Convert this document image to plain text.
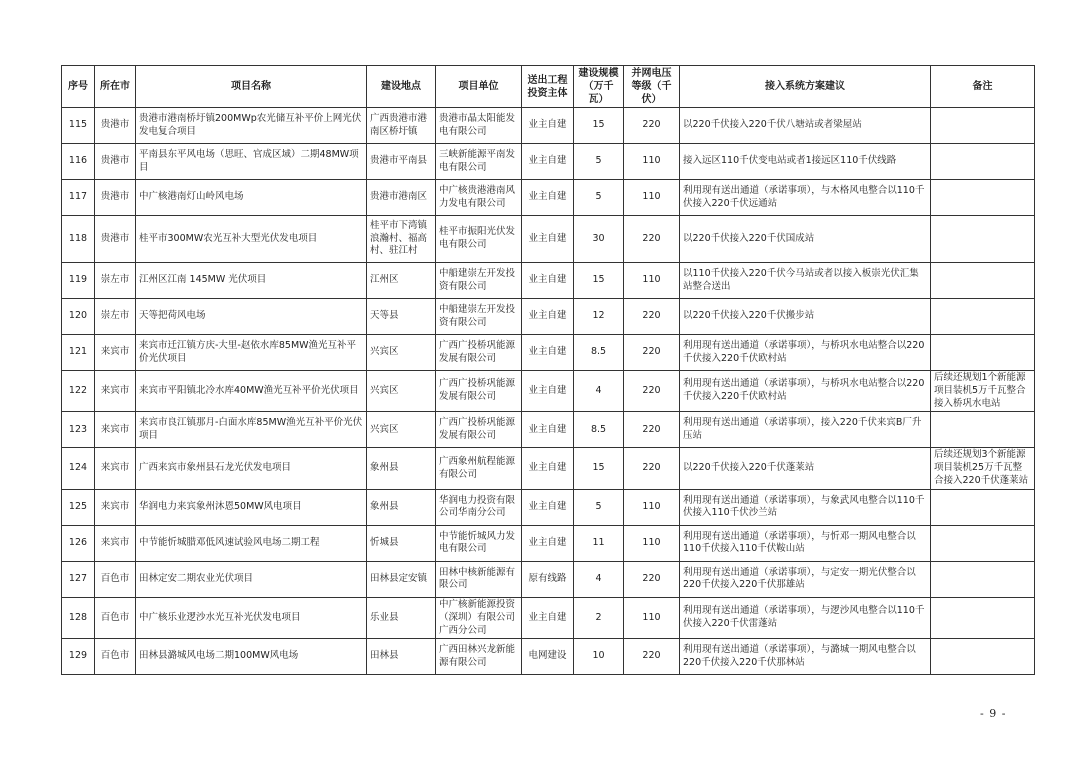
序号	所在市	项目名称	建设地点	项目单位	送出工程投资主体	建设规模（万千瓦）	并网电压等级（千伏）	接入系统方案建议	备注
115	贵港市	贵港市港南桥圩镇200MWp农光储互补平价上网光伏发电复合项目	广西贵港市港南区桥圩镇	贵港市晶太阳能发电有限公司	业主自建	15	220	以220千伏接入220千伏八塘站或者梁屋站	
116	贵港市	平南县东平风电场（思旺、官成区域）二期48MW项目	贵港市平南县	三峡新能源平南发电有限公司	业主自建	5	110	接入远区110千伏变电站或者1接远区110千伏线路	
117	贵港市	中广核港南灯山岭风电场	贵港市港南区	中广核贵港港南风力发电有限公司	业主自建	5	110	利用现有送出通道（承诺事项），与木格风电整合以110千伏接入220千伏远通站	
118	贵港市	桂平市300MW农光互补大型光伏发电项目	桂平市下湾镇浪瀚村、福高村、驻江村	桂平市振阳光伏发电有限公司	业主自建	30	220	以220千伏接入220千伏国成站	
119	崇左市	江州区江南 145MW 光伏项目	江州区	中船建崇左开发投资有限公司	业主自建	15	110	以110千伏接入220千伏今马站或者以接入板崇光伏汇集站整合送出	
120	崇左市	天等把荷风电场	天等县	中船建崇左开发投资有限公司	业主自建	12	220	以220千伏接入220千伏搬步站	
121	来宾市	来宾市迁江镇方庆-大里-赵依水库85MW渔光互补平价光伏项目	兴宾区	广西广投桥巩能源发展有限公司	业主自建	8.5	220	利用现有送出通道（承诺事项），与桥巩水电站整合以220千伏接入220千伏欧村站	
122	来宾市	来宾市平阳镇北冷水库40MW渔光互补平价光伏项目	兴宾区	广西广投桥巩能源发展有限公司	业主自建	4	220	利用现有送出通道（承诺事项），与桥巩水电站整合以220千伏接入220千伏欧村站	后续还规划1个新能源项目装机5万千瓦整合接入桥巩水电站
123	来宾市	来宾市良江镇那月-白面水库85MW渔光互补平价光伏项目	兴宾区	广西广投桥巩能源发展有限公司	业主自建	8.5	220	利用现有送出通道（承诺事项），接入220千伏来宾B厂升压站	
124	来宾市	广西来宾市象州县石龙光伏发电项目	象州县	广西象州航程能源有限公司	业主自建	15	220	以220千伏接入220千伏蓬莱站	后续还规划3个新能源项目装机25万千瓦整合接入220千伏蓬莱站
125	来宾市	华润电力来宾象州沐恩50MW风电项目	象州县	华润电力投资有限公司华南分公司	业主自建	5	110	利用现有送出通道（承诺事项），与象武风电整合以110千伏接入110千伏沙兰站	
126	来宾市	中节能忻城腊邓低风速试验风电场二期工程	忻城县	中节能忻城风力发电有限公司	业主自建	11	110	利用现有送出通道（承诺事项），与忻邓一期风电整合以110千伏接入110千伏鞍山站	
127	百色市	田林定安二期农业光伏项目	田林县定安镇	田林中核新能源有限公司	原有线路	4	220	利用现有送出通道（承诺事项），与定安一期光伏整合以220千伏接入220千伏那雄站	
128	百色市	中广核乐业逻沙水光互补光伏发电项目	乐业县	中广核新能源投资（深圳）有限公司广西分公司	业主自建	2	110	利用现有送出通道（承诺事项），与逻沙风电整合以110千伏接入220千伏雷蓬站	
129	百色市	田林县潞城风电场二期100MW风电场	田林县	广西田林兴龙新能源有限公司	电网建设	10	220	利用现有送出通道（承诺事项），与潞城一期风电整合以220千伏接入220千伏那林站	
- 9 -
